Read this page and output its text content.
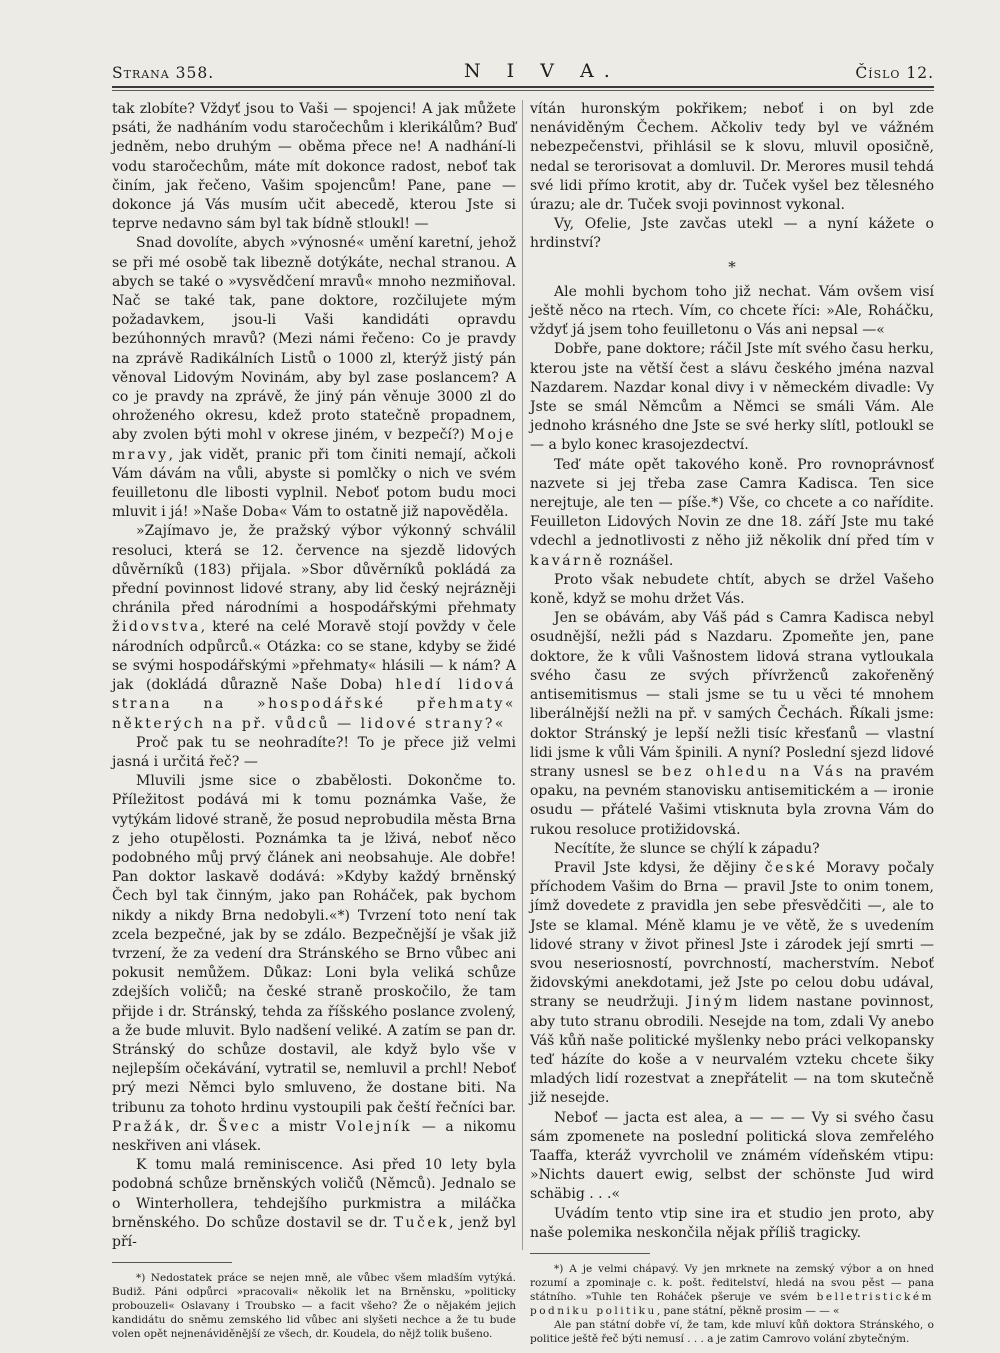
Strana 358.	N I V A.	Číslo 12.

tak zlobíte? Vždyť jsou to Vaši — spojenci! A jak můžete psáti, že nadháním vodu staročechům i klerikálům? Buď jedněm, nebo druhým — oběma přece ne! A nadhání-li vodu staročechům, máte mít dokonce radost, neboť tak činím, jak řečeno, Vašim spojencům! Pane, pane — dokonce já Vás musím učit abecedě, kterou Jste si teprve nedavno sám byl tak bídně stloukl! —

Snad dovolíte, abych »výnosné« umění karetní, jehož se při mé osobě tak libezně dotýkáte, nechal stranou. A abych se také o »vysvědčení mravů« mnoho nezmiňoval. Nač se také tak, pane doktore, rozčilujete mým požadavkem, jsou-li Vaši kandidáti opravdu bezúhonných mravů? (Mezi námi řečeno: Co je pravdy na zprávě Radikálních Listů o 1000 zl, kterýž jistý pán věnoval Lidovým Novinám, aby byl zase poslancem? A co je pravdy na zprávě, že jiný pán věnuje 3000 zl do ohroženého okresu, kdež proto statečně propadnem, aby zvolen býti mohl v okrese jiném, v bezpečí?) Moje mravy, jak vidět, pranic při tom činiti nemají, ačkoli Vám dávám na vůli, abyste si pomlčky o nich ve svém feuilletonu dle libosti vyplnil. Neboť potom budu moci mluvit i já! »Naše Doba« Vám to ostatně již napověděla.

»Zajímavo je, že pražský výbor výkonný schválil resoluci, která se 12. července na sjezdě lidových důvěrníků (183) přijala. »Sbor důvěrníků pokládá za přední povinnost lidové strany, aby lid český nejrázněji chránila před národními a hospodářskými přehmaty židovstva, které na celé Moravě stojí povždy v čele národních odpůrců.« Otázka: co se stane, kdyby se židé se svými hospodářskými »přehmaty« hlásili — k nám? A jak (dokládá důrazně Naše Doba) hledí lidová strana na »hospodářské přehmaty« některých na př. vůdců — lidové strany?«

Proč pak tu se neohradíte?! To je přece již velmi jasná i určitá řeč? —

Mluvili jsme sice o zbabělosti. Dokončme to. Příležitost podává mi k tomu poznámka Vaše, že vytýkám lidové straně, že posud neprobudila města Brna z jeho otupělosti. Poznámka ta je lživá, neboť něco podobného můj prvý článek ani neobsahuje. Ale dobře! Pan doktor laskavě dodává: »Kdyby každý brněnský Čech byl tak činným, jako pan Roháček, pak bychom nikdy a nikdy Brna nedobyli.«*) Tvrzení toto není tak zcela bezpečné, jak by se zdálo. Bezpečnější je však již tvrzení, že za vedení dra Stránského se Brno vůbec ani pokusit nemůžem. Důkaz: Loni byla veliká schůze zdejších voličů; na české straně proskočilo, že tam přijde i dr. Stránský, tehda za říšského poslance zvolený, a že bude mluvit. Bylo nadšení veliké. A zatím se pan dr. Stránský do schůze dostavil, ale když bylo vše v nejlepším očekávání, vytratil se, nemluvil a prchl! Neboť prý mezi Němci bylo smluveno, že dostane biti. Na tribunu za tohoto hrdinu vystoupili pak čeští řečníci bar. Pražák, dr. Švec a mistr Volejník — a nikomu neskřiven ani vlásek.

K tomu malá reminiscence. Asi před 10 lety byla podobná schůze brněnských voličů (Němců). Jednalo se o Winterhollera, tehdejšího purkmistra a miláčka brněnského. Do schůze dostavil se dr. Tuček, jenž byl pří-

*) Nedostatek práce se nejen mně, ale vůbec všem mladším vytýká. Budiž. Páni odpůrci »pracovali« několik let na Brněnsku, »politicky probouzeli« Oslavany i Troubsko — a facit všeho? Že o nějakém jejich kandidátu do sněmu zemského lid vůbec ani slyšeti nechce a že tu bude volen opět nejnenáviděnější ze všech, dr. Koudela, do nějž tolik bušeno.

vítán huronským pokřikem; neboť i on byl zde nenáviděným Čechem. Ačkoliv tedy byl ve vážném nebezpečenstvi, přihlásil se k slovu, mluvil oposičně, nedal se terorisovat a domluvil. Dr. Merores musil tehdá své lidi přímo krotit, aby dr. Tuček vyšel bez tělesného úrazu; ale dr. Tuček svoji povinnost vykonal.

Vy, Ofelie, Jste zavčas utekl — a nyní kážete o hrdinství?

*

Ale mohli bychom toho již nechat. Vám ovšem visí ještě něco na rtech. Vím, co chcete říci: »Ale, Roháčku, vždyť já jsem toho feuilletonu o Vás ani nepsal —«

Dobře, pane doktore; ráčil Jste mít svého času herku, kterou jste na větší čest a slávu českého jména nazval Nazdarem. Nazdar konal divy i v německém divadle: Vy Jste se smál Němcům a Němci se smáli Vám. Ale jednoho krásného dne Jste se své herky slítl, potloukl se — a bylo konec krasojezdectví.

Teď máte opět takového koně. Pro rovnoprávnosť nazvete si jej třeba zase Camra Kadisca. Ten sice nerejtuje, ale ten — píše.*) Vše, co chcete a co nařídite. Feuilleton Lidových Novin ze dne 18. září Jste mu také vdechl a jednotlivosti z něho již několik dní před tím v kavárně roznášel.

Proto však nebudete chtít, abych se držel Vašeho koně, když se mohu držet Vás.

Jen se obávám, aby Váš pád s Camra Kadisca nebyl osudnější, nežli pád s Nazdaru. Zpomeňte jen, pane doktore, že k vůli Vašnostem lidová strana vytloukala svého času ze svých přívrženců zakořeněný antisemitismus — stali jsme se tu u věci té mnohem liberálnější nežli na př. v samých Čechách. Říkali jsme: doktor Stránský je lepší nežli tisíc křesťanů — vlastní lidi jsme k vůli Vám špinili. A nyní? Poslední sjezd lidové strany usnesl se bez ohledu na Vás na pravém opaku, na pevném stanovisku antisemitickém a — ironie osudu — přátelé Vašimi vtisknuta byla zrovna Vám do rukou resoluce protižidovská.

Necítíte, že slunce se chýlí k západu?

Pravil Jste kdysi, že dějiny české Moravy počaly příchodem Vašim do Brna — pravil Jste to onim tonem, jímž dovedete z pravidla jen sebe přesvědčiti —, ale to Jste se klamal. Méně klamu je ve větě, že s uvedením lidové strany v život přinesl Jste i zárodek její smrti — svou neseriosností, povrchností, macherstvím. Neboť židovskými anekdotami, jež Jste po celou dobu udával, strany se neudržuji. Jiným lidem nastane povinnost, aby tuto stranu obrodili. Nesejde na tom, zdali Vy anebo Váš kůň naše politické myšlenky nebo práci velkopansky teď házíte do koše a v neurvalém vzteku chcete šiky mladých lidí rozestvat a znepřátelit — na tom skutečně již nesejde.

Neboť — jacta est alea, a — — — Vy si svého času sám zpomenete na poslední politická slova zemřelého Taaffa, kteráž vyvrcholil ve známém vídeňském vtipu: »Nichts dauert ewig, selbst der schönste Jud wird schäbig . . .«

Uvádím tento vtip sine ira et studio jen proto, aby naše polemika neskončila nějak příliš tragicky.

*) A je velmi chápavý. Vy jen mrknete na zemský výbor a on hned rozumí a zpominaje c. k. pošt. ředitelství, hledá na svou pěst — pana státního. »Tuhle ten Roháček pšeruje ve svém belletristickém podniku politiku, pane státní, pěkně prosim — — «

Ale pan státní dobře ví, že tam, kde mluví kůň doktora Stránského, o politice ještě řeč býti nemusí . . . a je zatim Camrovo volání zbytečným.
